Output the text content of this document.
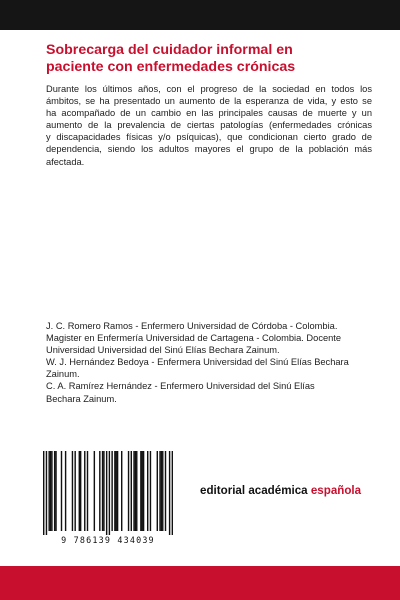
Sobrecarga del cuidador informal en
paciente con enfermedades crónicas
Durante los últimos años, con el progreso de la sociedad en todos los
ámbitos, se ha presentado un aumento de la esperanza de vida, y esto se
ha acompañado de un cambio en las principales causas de muerte y un
aumento de la prevalencia de ciertas patologías (enfermedades crónicas
y discapacidades físicas y/o psíquicas), que condicionan cierto grado de
dependencia, siendo los adultos mayores el grupo de la población más
afectada.
J. C. Romero Ramos - Enfermero Universidad de Córdoba - Colombia.
Magister en Enfermería Universidad de Cartagena - Colombia. Docente
Universidad Universidad del Sinú Elías Bechara Zainum.
W. J. Hernández Bedoya - Enfermera Universidad del Sinú Elías Bechara
Zainum.
C. A. Ramírez Hernández - Enfermero Universidad del Sinú Elías
Bechara Zainum.
9 786139 434039
editorial académica española
